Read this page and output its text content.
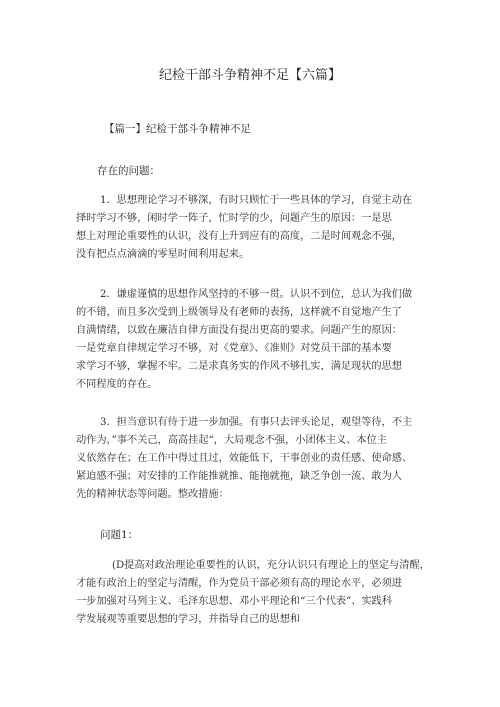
纪检干部斗争精神不足【六篇】
【篇一】纪检干部斗争精神不足
存在的问题：
1．思想理论学习不够深，有时只顾忙于一些具体的学习，自觉主动在
择时学习不够，闲时学一阵子，忙时学的少，问题产生的原因：一是思
想上对理论重要性的认识，没有上升到应有的高度，二是时间观念不强，
没有把点点滴滴的零星时间利用起来。
2．谦虚谨慎的思想作风坚持的不够一贯。认识不到位，总认为我们做
的不错，而且多次受到上级领导及有老师的表扬，这样就不自觉地产生了
自满情绪，以致在廉洁自律方面没有提出更高的要求。问题产生的原因：
一是党章自律规定学习不够，对《党章》、《准则》对党员干部的基本要
求学习不够，掌握不牢。二是求真务实的作风不够扎实，满足现状的思想
不同程度的存在。
3．担当意识有待于进一步加强。有事只去评头论足，观望等待，不主
动作为，”事不关己，高高挂起“，大局观念不强，小团体主义、本位主
义依然存在；在工作中得过且过，效能低下，干事创业的责任感、使命感、
紧迫感不强；对安排的工作能推就推、能拖就拖，缺乏争创一流、敢为人
先的精神状态等问题。整改措施：
问题1：
(D提高对政治理论重要性的认识，充分认识只有理论上的坚定与清醒，
才能有政治上的坚定与清醒，作为党员干部必须有高的理论水平，必须进
一步加强对马列主义、毛泽东思想、邓小平理论和“三个代表”、实践科
学发展观等重要思想的学习，并指导自己的思想和
